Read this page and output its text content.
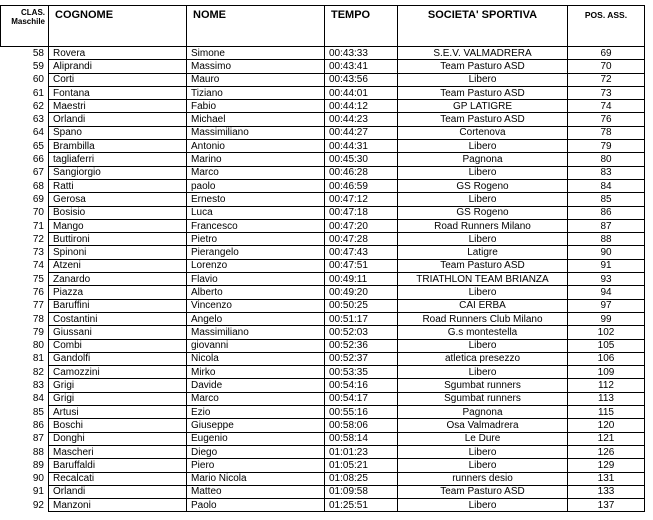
CLAS.
Maschile	COGNOME	NOME	TEMPO	SOCIETA' SPORTIVA	POS. ASS.
58	Rovera	Simone	00:43:33	S.E.V. VALMADRERA	69
59	Aliprandi	Massimo	00:43:41	Team Pasturo ASD	70
60	Corti	Mauro	00:43:56	Libero	72
61	Fontana	Tiziano	00:44:01	Team Pasturo ASD	73
62	Maestri	Fabio	00:44:12	GP LATIGRE	74
63	Orlandi	Michael	00:44:23	Team Pasturo ASD	76
64	Spano	Massimiliano	00:44:27	Cortenova	78
65	Brambilla	Antonio	00:44:31	Libero	79
66	tagliaferri	Marino	00:45:30	Pagnona	80
67	Sangiorgio	Marco	00:46:28	Libero	83
68	Ratti	paolo	00:46:59	GS Rogeno	84
69	Gerosa	Ernesto	00:47:12	Libero	85
70	Bosisio	Luca	00:47:18	GS Rogeno	86
71	Mango	Francesco	00:47:20	Road Runners Milano	87
72	Buttironi	Pietro	00:47:28	Libero	88
73	Spinoni	Pierangelo	00:47:43	Latigre	90
74	Atzeni	Lorenzo	00:47:51	Team Pasturo ASD	91
75	Zanardo	Flavio	00:49:11	TRIATHLON TEAM BRIANZA	93
76	Piazza	Alberto	00:49:20	Libero	94
77	Baruffini	Vincenzo	00:50:25	CAI ERBA	97
78	Costantini	Angelo	00:51:17	Road Runners Club Milano	99
79	Giussani	Massimiliano	00:52:03	G.s montestella	102
80	Combi	giovanni	00:52:36	Libero	105
81	Gandolfi	Nicola	00:52:37	atletica presezzo	106
82	Camozzini	Mirko	00:53:35	Libero	109
83	Grigi	Davide	00:54:16	Sgumbat runners	112
84	Grigi	Marco	00:54:17	Sgumbat runners	113
85	Artusi	Ezio	00:55:16	Pagnona	115
86	Boschi	Giuseppe	00:58:06	Osa Valmadrera	120
87	Donghi	Eugenio	00:58:14	Le Dure	121
88	Mascheri	Diego	01:01:23	Libero	126
89	Baruffaldi	Piero	01:05:21	Libero	129
90	Recalcati	Mario Nicola	01:08:25	runners desio	131
91	Orlandi	Matteo	01:09:58	Team Pasturo ASD	133
92	Manzoni	Paolo	01:25:51	Libero	137
